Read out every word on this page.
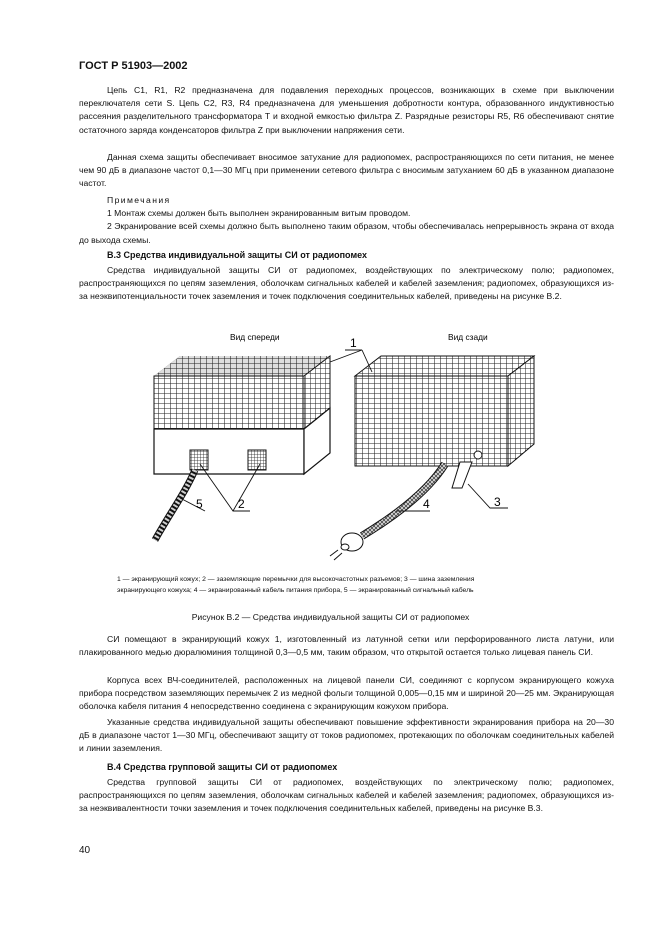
ГОСТ Р 51903—2002

Цепь С1, R1, R2 предназначена для подавления переходных процессов, возникающих в схеме при выключении переключателя сети S. Цепь С2, R3, R4 предназначена для уменьшения добротности контура, образованного индуктивностью рассеяния разделительного трансформатора Т и входной емкостью фильтра Z. Разрядные резисторы R5, R6 обеспечивают снятие остаточного заряда конденсаторов фильтра Z при выключении напряжения сети.

Данная схема защиты обеспечивает вносимое затухание для радиопомех, распространяющихся по сети питания, не менее чем 90 дБ в диапазоне частот 0,1—30 МГц при применении сетевого фильтра с вносимым затуханием 60 дБ в указанном диапазоне частот.

Примечания
1 Монтаж схемы должен быть выполнен экранированным витым проводом.
2 Экранирование всей схемы должно быть выполнено таким образом, чтобы обеспечивалась непрерывность экрана от входа до выхода схемы.
В.3 Средства индивидуальной защиты СИ от радиопомех

Средства индивидуальной защиты СИ от радиопомех, воздействующих по электрическому полю; радиопомех, распространяющихся по цепям заземления, оболочкам сигнальных кабелей и кабелей заземления; радиопомех, образующихся из-за неэквипотенциальности точек заземления и точек подключения соединительных кабелей, приведены на рисунке В.2.

Вид спереди	Вид сзади
1
2	3
4
5
1 — экранирующий кожух; 2 — заземляющие перемычки для высокочастотных разъемов; 3 — шина заземления
экранирующего кожуха; 4 — экранированный кабель питания прибора, 5 — экранированный сигнальный кабель
Рисунок В.2 — Средства индивидуальной защиты СИ от радиопомех

СИ помещают в экранирующий кожух 1, изготовленный из латунной сетки или перфорированного листа латуни, или плакированного медью дюралюминия толщиной 0,3—0,5 мм, таким образом, что открытой остается только лицевая панель СИ.

Корпуса всех ВЧ-соединителей, расположенных на лицевой панели СИ, соединяют с корпусом экранирующего кожуха прибора посредством заземляющих перемычек 2 из медной фольги толщиной 0,005—0,15 мм и шириной 20—25 мм. Экранирующая оболочка кабеля питания 4 непосредственно соединена с экранирующим кожухом прибора.

Указанные средства индивидуальной защиты обеспечивают повышение эффективности экранирования прибора на 20—30 дБ в диапазоне частот 1—30 МГц, обеспечивают защиту от токов радиопомех, протекающих по оболочкам соединительных кабелей и линии заземления.

В.4 Средства групповой защиты СИ от радиопомех

Средства групповой защиты СИ от радиопомех, воздействующих по электрическому полю; радиопомех, распространяющихся по цепям заземления, оболочкам сигнальных кабелей и кабелей заземления; радиопомех, образующихся из-за неэквивалентности точки заземления и точек подключения соединительных кабелей, приведены на рисунке В.3.

40
